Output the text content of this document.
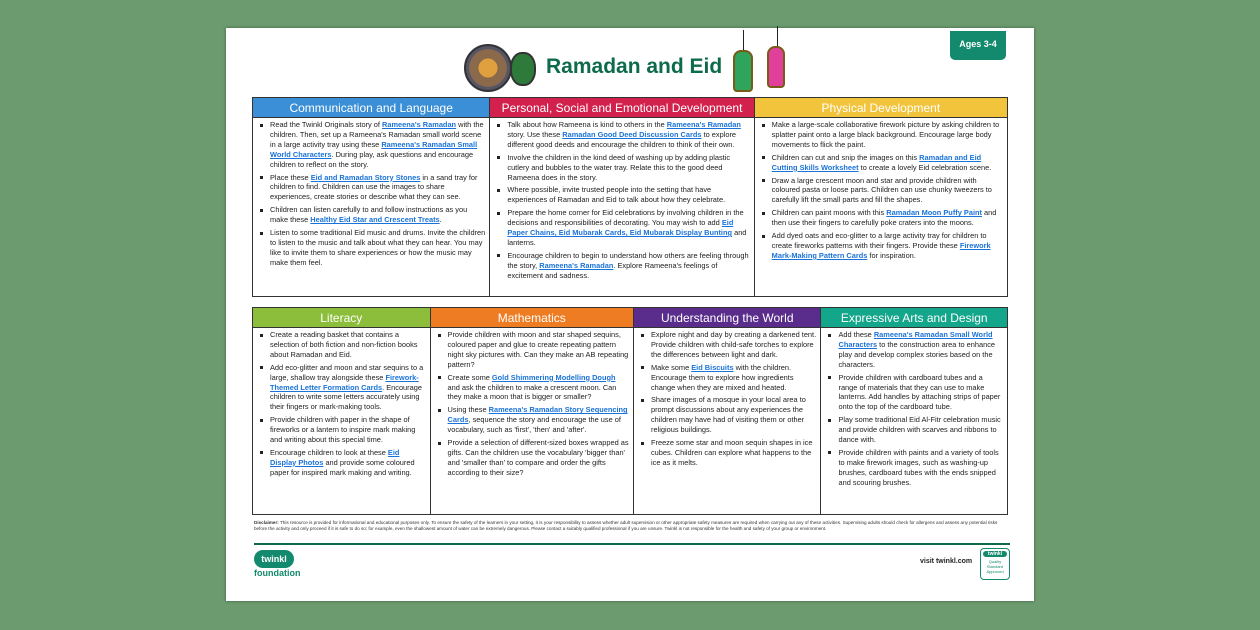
Ramadan and Eid
Ages 3-4
Communication and Language
Read the Twinkl Originals story of Rameena's Ramadan with the children. Then, set up a Rameena's Ramadan small world scene in a large activity tray using these Rameena's Ramadan Small World Characters. During play, ask questions and encourage children to reflect on the story.
Place these Eid and Ramadan Story Stones in a sand tray for children to find. Children can use the images to share experiences, create stories or describe what they can see.
Children can listen carefully to and follow instructions as you make these Healthy Eid Star and Crescent Treats.
Listen to some traditional Eid music and drums. Invite the children to listen to the music and talk about what they can hear. You may like to invite them to share experiences or how the music may make them feel.
Personal, Social and Emotional Development
Talk about how Rameena is kind to others in the Rameena's Ramadan story. Use these Ramadan Good Deed Discussion Cards to explore different good deeds and encourage the children to think of their own.
Involve the children in the kind deed of washing up by adding plastic cutlery and bubbles to the water tray. Relate this to the good deed Rameena does in the story.
Where possible, invite trusted people into the setting that have experiences of Ramadan and Eid to talk about how they celebrate.
Prepare the home corner for Eid celebrations by involving children in the decisions and responsibilities of decorating. You may wish to add Eid Paper Chains, Eid Mubarak Cards, Eid Mubarak Display Bunting and lanterns.
Encourage children to begin to understand how others are feeling through the story, Rameena's Ramadan. Explore Rameena's feelings of excitement and sadness.
Physical Development
Make a large-scale collaborative firework picture by asking children to splatter paint onto a large black background. Encourage large body movements to flick the paint.
Children can cut and snip the images on this Ramadan and Eid Cutting Skills Worksheet to create a lovely Eid celebration scene.
Draw a large crescent moon and star and provide children with coloured pasta or loose parts. Children can use chunky tweezers to carefully lift the small parts and fill the shapes.
Children can paint moons with this Ramadan Moon Puffy Paint and then use their fingers to carefully poke craters into the moons.
Add dyed oats and eco-glitter to a large activity tray for children to create fireworks patterns with their fingers. Provide these Firework Mark-Making Pattern Cards for inspiration.
Literacy
Create a reading basket that contains a selection of both fiction and non-fiction books about Ramadan and Eid.
Add eco-glitter and moon and star sequins to a large, shallow tray alongside these Firework-Themed Letter Formation Cards. Encourage children to write some letters accurately using their fingers or mark-making tools.
Provide children with paper in the shape of fireworks or a lantern to inspire mark making and writing about this special time.
Encourage children to look at these Eid Display Photos and provide some coloured paper for inspired mark making and writing.
Mathematics
Provide children with moon and star shaped sequins, coloured paper and glue to create repeating pattern night sky pictures with. Can they make an AB repeating pattern?
Create some Gold Shimmering Modelling Dough and ask the children to make a crescent moon. Can they make a moon that is bigger or smaller?
Using these Rameena's Ramadan Story Sequencing Cards, sequence the story and encourage the use of vocabulary, such as 'first', 'then' and 'after'.
Provide a selection of different-sized boxes wrapped as gifts. Can the children use the vocabulary 'bigger than' and 'smaller than' to compare and order the gifts according to their size?
Understanding the World
Explore night and day by creating a darkened tent. Provide children with child-safe torches to explore the differences between light and dark.
Make some Eid Biscuits with the children. Encourage them to explore how ingredients change when they are mixed and heated.
Share images of a mosque in your local area to prompt discussions about any experiences the children may have had of visiting them or other religious buildings.
Freeze some star and moon sequin shapes in ice cubes. Children can explore what happens to the ice as it melts.
Expressive Arts and Design
Add these Rameena's Ramadan Small World Characters to the construction area to enhance play and develop complex stories based on the characters.
Provide children with cardboard tubes and a range of materials that they can use to make lanterns. Add handles by attaching strips of paper onto the top of the cardboard tube.
Play some traditional Eid Al-Fitr celebration music and provide children with scarves and ribbons to dance with.
Provide children with paints and a variety of tools to make firework images, such as washing-up brushes, cardboard tubes with the ends snipped and scouring brushes.
Disclaimer: This resource is provided for informational and educational purposes only. To ensure the safety of the learners in your setting, it is your responsibility to assess whether adult supervision or other appropriate safety measures are required when carrying out any of these activities. Supervising adults should check for allergens and assess any potential risks before the activity and only proceed if it is safe to do so; for example, even the shallowest amount of water can be extremely dangerous. Please contact a suitably qualified professional if you are unsure. Twinkl is not responsible for the health and safety of your group or environment.
twinkl
foundation
visit twinkl.com
twinkl
Quality Standard Approved
